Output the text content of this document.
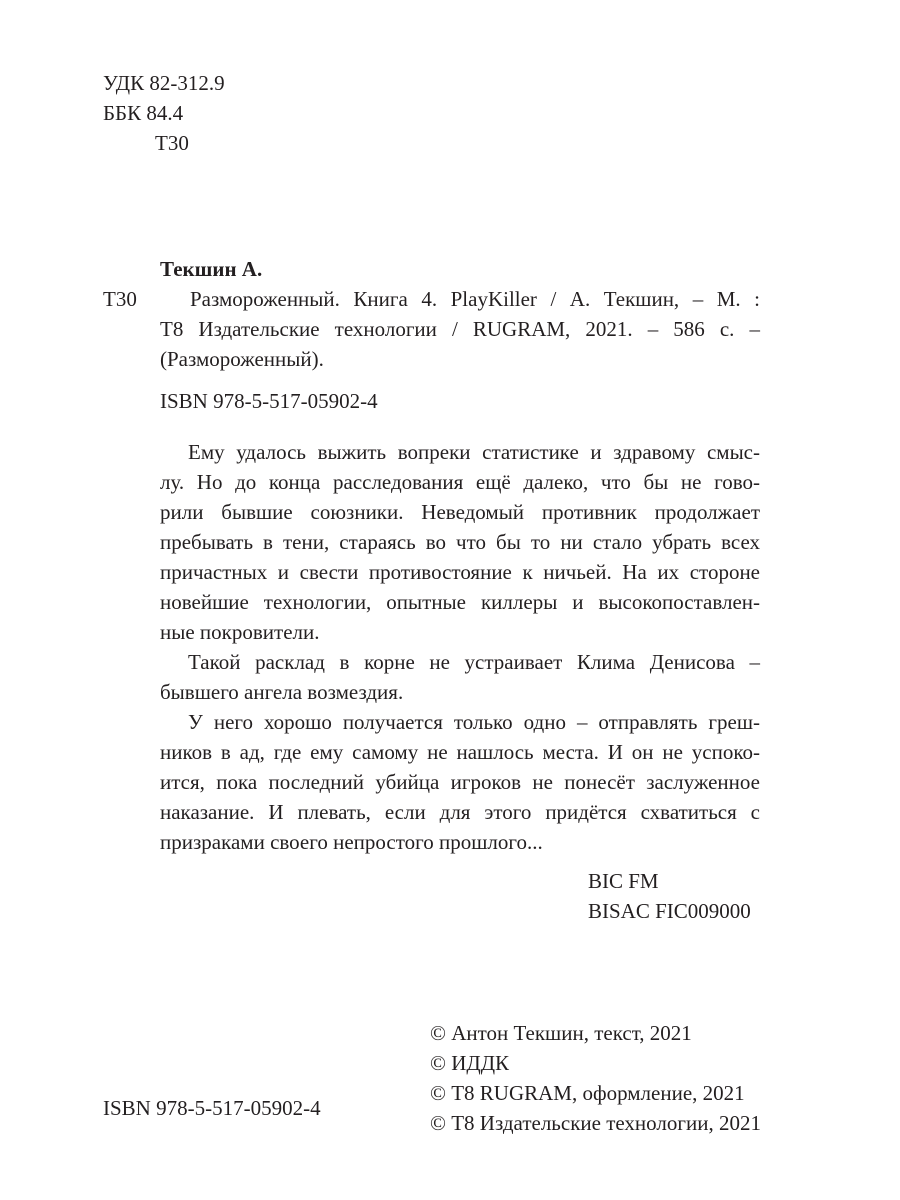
УДК 82-312.9
ББК 84.4
Т30
Текшин А.
Т30	Размороженный. Книга 4. PlayKiller / А. Текшин, – М. :
Т8 Издательские технологии / RUGRAM, 2021. – 586 с. –
(Размороженный).
ISBN 978-5-517-05902-4
Ему удалось выжить вопреки статистике и здравому смыс-
лу. Но до конца расследования ещё далеко, что бы не гово-
рили бывшие союзники. Неведомый противник продолжает
пребывать в тени, стараясь во что бы то ни стало убрать всех
причастных и свести противостояние к ничьей. На их стороне
новейшие технологии, опытные киллеры и высокопоставлен-
ные покровители.
Такой расклад в корне не устраивает Клима Денисова –
бывшего ангела возмездия.
У него хорошо получается только одно – отправлять греш-
ников в ад, где ему самому не нашлось места. И он не успоко-
ится, пока последний убийца игроков не понесёт заслуженное
наказание. И плевать, если для этого придётся схватиться с
призраками своего непростого прошлого...
BIC FM
BISAC FIC009000
© Антон Текшин, текст, 2021
© ИДДК
© Т8 RUGRAM, оформление, 2021
© Т8 Издательские технологии, 2021
ISBN 978-5-517-05902-4
